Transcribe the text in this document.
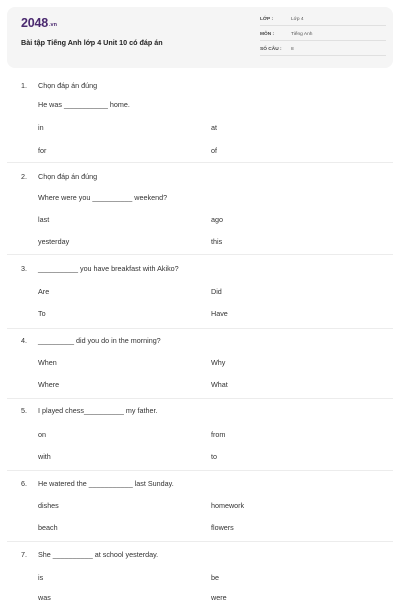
2048.vn
Bài tập Tiếng Anh lớp 4 Unit 10 có đáp án
LỚP :	Lớp 4
MÔN :	Tiếng Anh
SỐ CÂU : 8
1. Chọn đáp án đúng
He was ___________ home.
in	at
for	of
2. Chọn đáp án đúng
Where were you __________ weekend?
last	ago
yesterday	this
3. __________ you have breakfast with Akiko?
Are	Did
To	Have
4. _________ did you do in the morning?
When	Why
Where	What
5. I played chess__________ my father.
on	from
with	to
6. He watered the ___________ last Sunday.
dishes	homework
beach	flowers
7. She __________ at school yesterday.
is	be
was	were
